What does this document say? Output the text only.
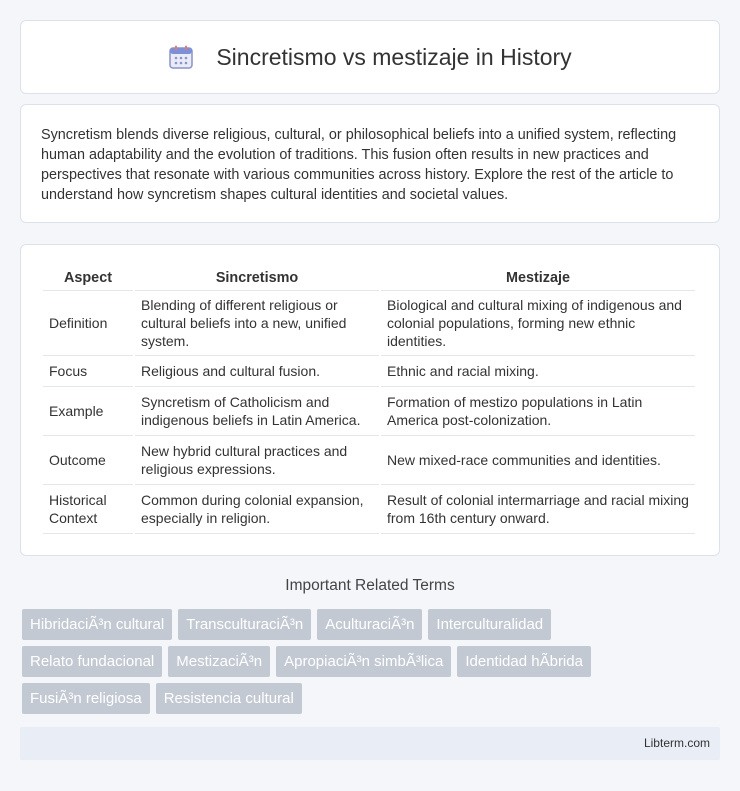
Sincretismo vs mestizaje in History

Syncretism blends diverse religious, cultural, or philosophical beliefs into a unified system, reflecting human adaptability and the evolution of traditions. This fusion often results in new practices and perspectives that resonate with various communities across history. Explore the rest of the article to understand how syncretism shapes cultural identities and societal values.

Aspect	Sincretismo	Mestizaje
Definition	Blending of different religious or cultural beliefs into a new, unified system.	Biological and cultural mixing of indigenous and colonial populations, forming new ethnic identities.
Focus	Religious and cultural fusion.	Ethnic and racial mixing.
Example	Syncretism of Catholicism and indigenous beliefs in Latin America.	Formation of mestizo populations in Latin America post-colonization.
Outcome	New hybrid cultural practices and religious expressions.	New mixed-race communities and identities.
Historical Context	Common during colonial expansion, especially in religion.	Result of colonial intermarriage and racial mixing from 16th century onward.
Important Related Terms
HibridaciÃ³n cultural	TransculturaciÃ³n	AculturaciÃ³n	Interculturalidad
Relato fundacional	MestizaciÃ³n	ApropiaciÃ³n simbÃ³lica	Identidad hÃbrida
FusiÃ³n religiosa	Resistencia cultural
Libterm.com
